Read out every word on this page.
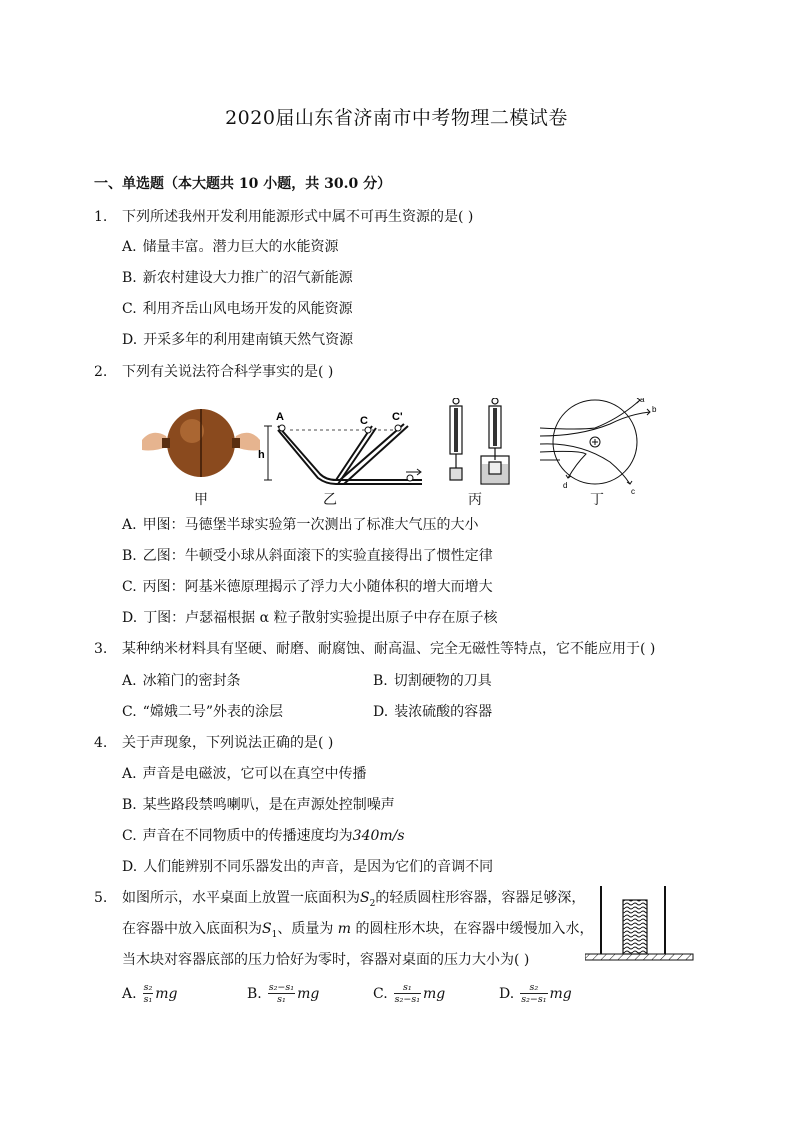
2020届山东省济南市中考物理二模试卷
一、单选题（本大题共 10 小题，共 30.0 分）
1. 下列所述我州开发利用能源形式中属不可再生资源的是( )
A. 储量丰富。潜力巨大的水能资源
B. 新农村建设大力推广的沼气新能源
C. 利用齐岳山风电场开发的风能资源
D. 开采多年的利用建南镇天然气资源
2. 下列有关说法符合科学事实的是( )
A	C C'
h
a
b
c
d
甲	乙	丙	丁
A. 甲图：马德堡半球实验第一次测出了标准大气压的大小
B. 乙图：牛顿受小球从斜面滚下的实验直接得出了惯性定律
C. 丙图：阿基米德原理揭示了浮力大小随体积的增大而增大
D. 丁图：卢瑟福根据 α 粒子散射实验提出原子中存在原子核
3. 某种纳米材料具有坚硬、耐磨、耐腐蚀、耐高温、完全无磁性等特点，它不能应用于( )
A. 冰箱门的密封条	B. 切割硬物的刀具
C. “嫦娥二号”外表的涂层	D. 装浓硫酸的容器
4. 关于声现象，下列说法正确的是( )
A. 声音是电磁波，它可以在真空中传播
B. 某些路段禁鸣喇叭，是在声源处控制噪声
C. 声音在不同物质中的传播速度均为340m/s
D. 人们能辨别不同乐器发出的声音，是因为它们的音调不同
5. 如图所示，水平桌面上放置一底面积为$S_2$的轻质圆柱形容器，容器足够深，
在容器中放入底面积为$S_1$、质量为 m 的圆柱形木块，在容器中缓慢加入水，
当木块对容器底部的压力恰好为零时，容器对桌面的压力大小为( )
A. $\frac{\text{s₂}}{\text{s₁}}$ mg	B. $\frac{\text{s₂−s₁}}{\text{s₁}}$ mg	C. $\frac{\text{s₁}}{\text{s₂−s₁}}$ mg	D. $\frac{\text{s₂}}{\text{s₂−s₁}}$ mg
